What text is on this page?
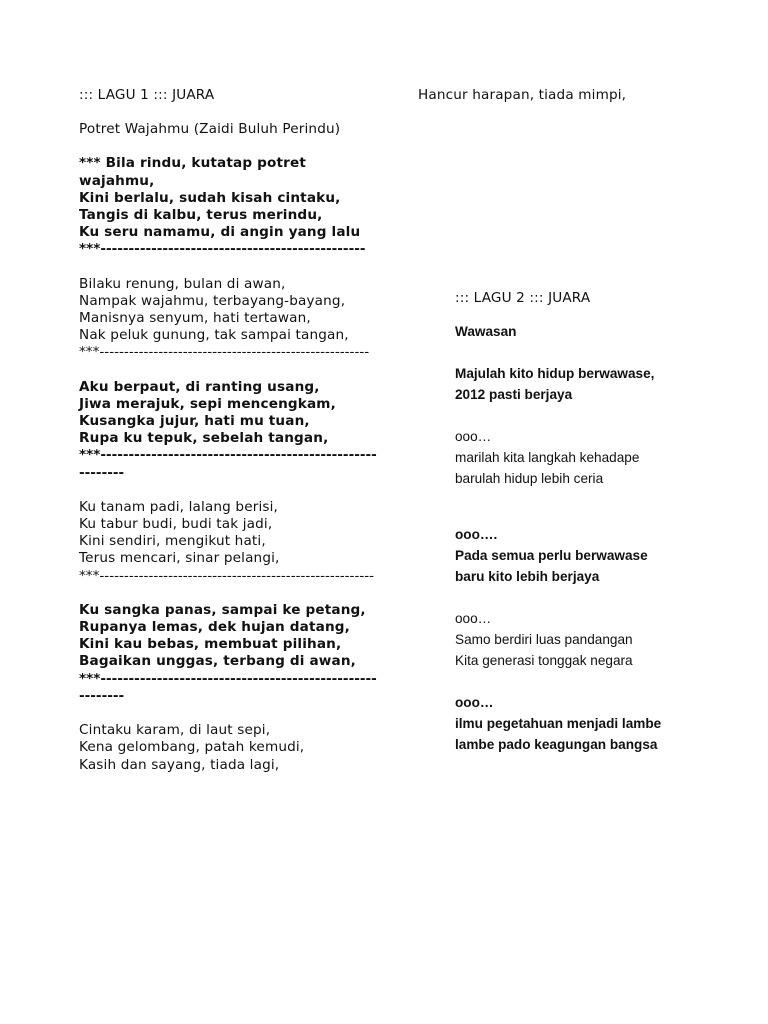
::: LAGU 1 ::: JUARA

Potret Wajahmu (Zaidi Buluh Perindu)

*** Bila rindu, kutatap potret wajahmu,

Kini berlalu, sudah kisah cintaku,

Tangis di kalbu, terus merindu,

Ku seru namamu, di angin yang lalu

***-----------------------------------------------

Bilaku renung, bulan di awan,

Nampak wajahmu, terbayang-bayang,

Manisnya senyum, hati tertawan,

Nak peluk gunung, tak sampai tangan,

***-------------------------------------------------------

Aku berpaut, di ranting usang,

Jiwa merajuk, sepi mencengkam,

Kusangka jujur, hati mu tuan,

Rupa ku tepuk, sebelah tangan,

***---------------------------------------------------------

Ku tanam padi, lalang berisi,

Ku tabur budi, budi tak jadi,

Kini sendiri, mengikut hati,

Terus mencari, sinar pelangi,

***--------------------------------------------------------

Ku sangka panas, sampai ke petang,

Rupanya lemas, dek hujan datang,

Kini kau bebas, membuat pilihan,

Bagaikan unggas, terbang di awan,

***---------------------------------------------------------

Cintaku karam, di laut sepi,

Kena gelombang, patah kemudi,

Kasih dan sayang, tiada lagi,

Hancur harapan, tiada mimpi,

::: LAGU 2 ::: JUARA

Wawasan

Majulah kito hidup berwawase,

2012 pasti berjaya

ooo…

marilah kita langkah kehadape

barulah hidup lebih ceria

ooo….

Pada semua perlu berwawase

baru kito lebih berjaya

ooo…

Samo berdiri luas pandangan

Kita generasi tonggak negara

ooo…

ilmu pegetahuan menjadi lambe

lambe pado keagungan bangsa
